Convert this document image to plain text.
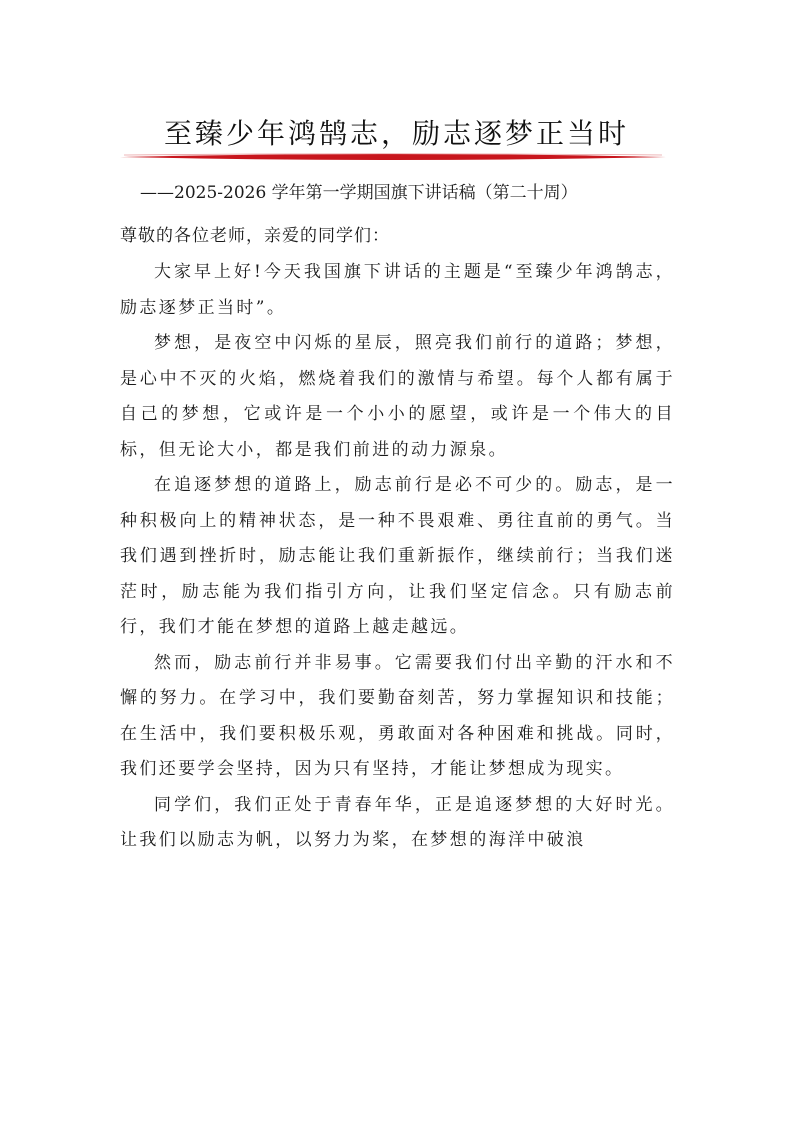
至臻少年鸿鹄志，励志逐梦正当时
——2025-2026 学年第一学期国旗下讲话稿（第二十周）
尊敬的各位老师，亲爱的同学们：

大家早上好!今天我国旗下讲话的主题是“至臻少年鸿鹄志，励志逐梦正当时”。

梦想，是夜空中闪烁的星辰，照亮我们前行的道路；梦想，是心中不灭的火焰，燃烧着我们的激情与希望。每个人都有属于自己的梦想，它或许是一个小小的愿望，或许是一个伟大的目标，但无论大小，都是我们前进的动力源泉。

在追逐梦想的道路上，励志前行是必不可少的。励志，是一种积极向上的精神状态，是一种不畏艰难、勇往直前的勇气。当我们遇到挫折时，励志能让我们重新振作，继续前行；当我们迷茫时，励志能为我们指引方向，让我们坚定信念。只有励志前行，我们才能在梦想的道路上越走越远。

然而，励志前行并非易事。它需要我们付出辛勤的汗水和不懈的努力。在学习中，我们要勤奋刻苦，努力掌握知识和技能；在生活中，我们要积极乐观，勇敢面对各种困难和挑战。同时，我们还要学会坚持，因为只有坚持，才能让梦想成为现实。

同学们，我们正处于青春年华，正是追逐梦想的大好时光。让我们以励志为帆，以努力为桨，在梦想的海洋中破浪
